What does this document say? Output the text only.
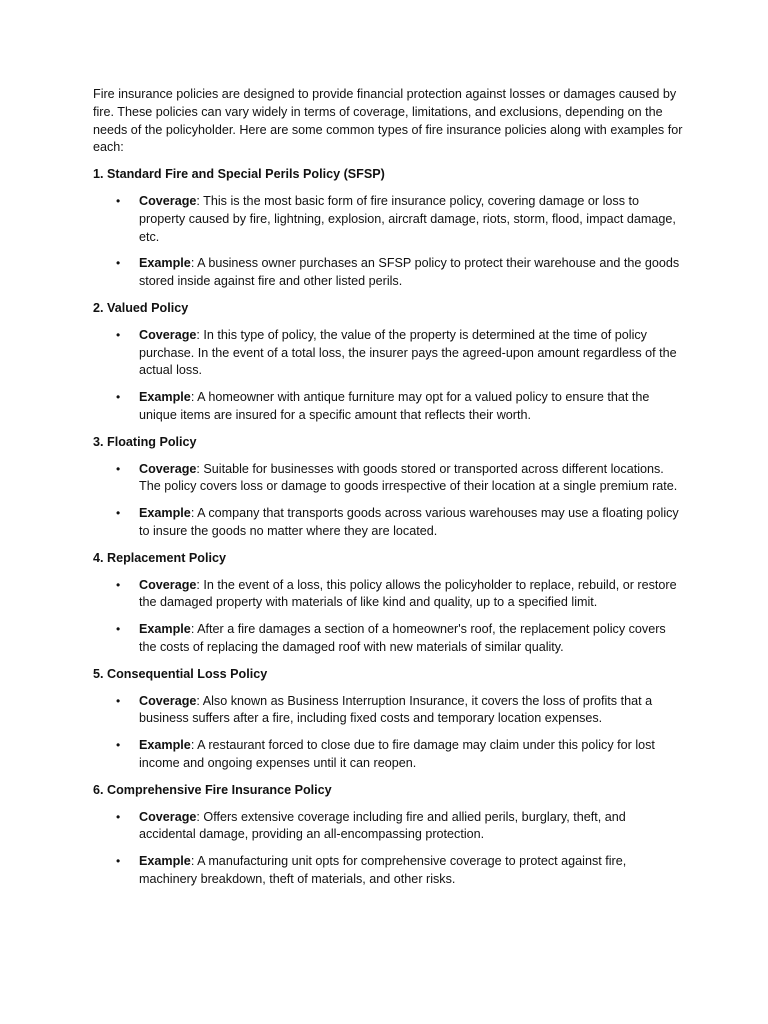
Fire insurance policies are designed to provide financial protection against losses or damages caused by fire. These policies can vary widely in terms of coverage, limitations, and exclusions, depending on the needs of the policyholder. Here are some common types of fire insurance policies along with examples for each:

1. Standard Fire and Special Perils Policy (SFSP)

• Coverage: This is the most basic form of fire insurance policy, covering damage or loss to property caused by fire, lightning, explosion, aircraft damage, riots, storm, flood, impact damage, etc.
• Example: A business owner purchases an SFSP policy to protect their warehouse and the goods stored inside against fire and other listed perils.

2. Valued Policy

• Coverage: In this type of policy, the value of the property is determined at the time of policy purchase. In the event of a total loss, the insurer pays the agreed-upon amount regardless of the actual loss.
• Example: A homeowner with antique furniture may opt for a valued policy to ensure that the unique items are insured for a specific amount that reflects their worth.

3. Floating Policy

• Coverage: Suitable for businesses with goods stored or transported across different locations. The policy covers loss or damage to goods irrespective of their location at a single premium rate.
• Example: A company that transports goods across various warehouses may use a floating policy to insure the goods no matter where they are located.

4. Replacement Policy

• Coverage: In the event of a loss, this policy allows the policyholder to replace, rebuild, or restore the damaged property with materials of like kind and quality, up to a specified limit.
• Example: After a fire damages a section of a homeowner's roof, the replacement policy covers the costs of replacing the damaged roof with new materials of similar quality.

5. Consequential Loss Policy

• Coverage: Also known as Business Interruption Insurance, it covers the loss of profits that a business suffers after a fire, including fixed costs and temporary location expenses.
• Example: A restaurant forced to close due to fire damage may claim under this policy for lost income and ongoing expenses until it can reopen.

6. Comprehensive Fire Insurance Policy

• Coverage: Offers extensive coverage including fire and allied perils, burglary, theft, and accidental damage, providing an all-encompassing protection.
• Example: A manufacturing unit opts for comprehensive coverage to protect against fire, machinery breakdown, theft of materials, and other risks.
